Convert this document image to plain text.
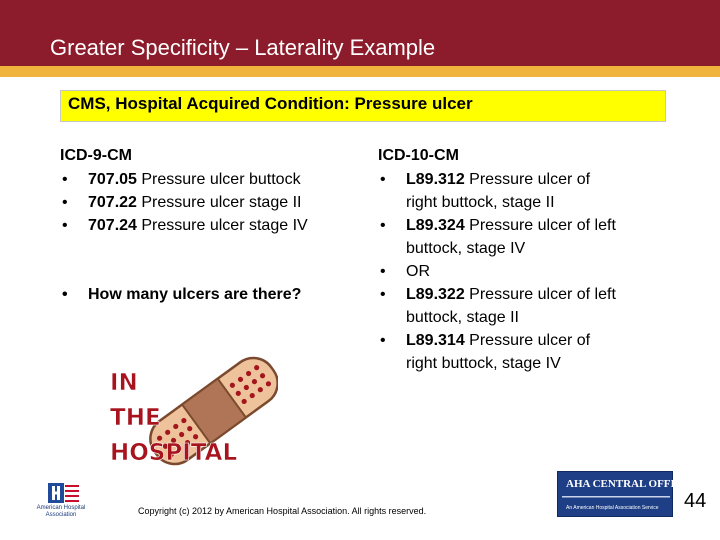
Greater Specificity – Laterality Example
CMS, Hospital Acquired Condition: Pressure ulcer
ICD-9-CM
• 707.05 Pressure ulcer buttock
• 707.22 Pressure ulcer stage II
• 707.24 Pressure ulcer stage IV
• How many ulcers are there?
ICD-10-CM
• L89.312 Pressure ulcer of right buttock, stage II
• L89.324 Pressure ulcer of left buttock, stage IV
• OR
• L89.322 Pressure ulcer of left buttock, stage II
• L89.314 Pressure ulcer of right buttock, stage IV
IN
THE
HOSPITAL
American Hospital
Association	Copyright (c) 2012 by American Hospital Association. All rights reserved.
AHA CENTRAL OFFICE℠
An American Hospital Association Service 44
